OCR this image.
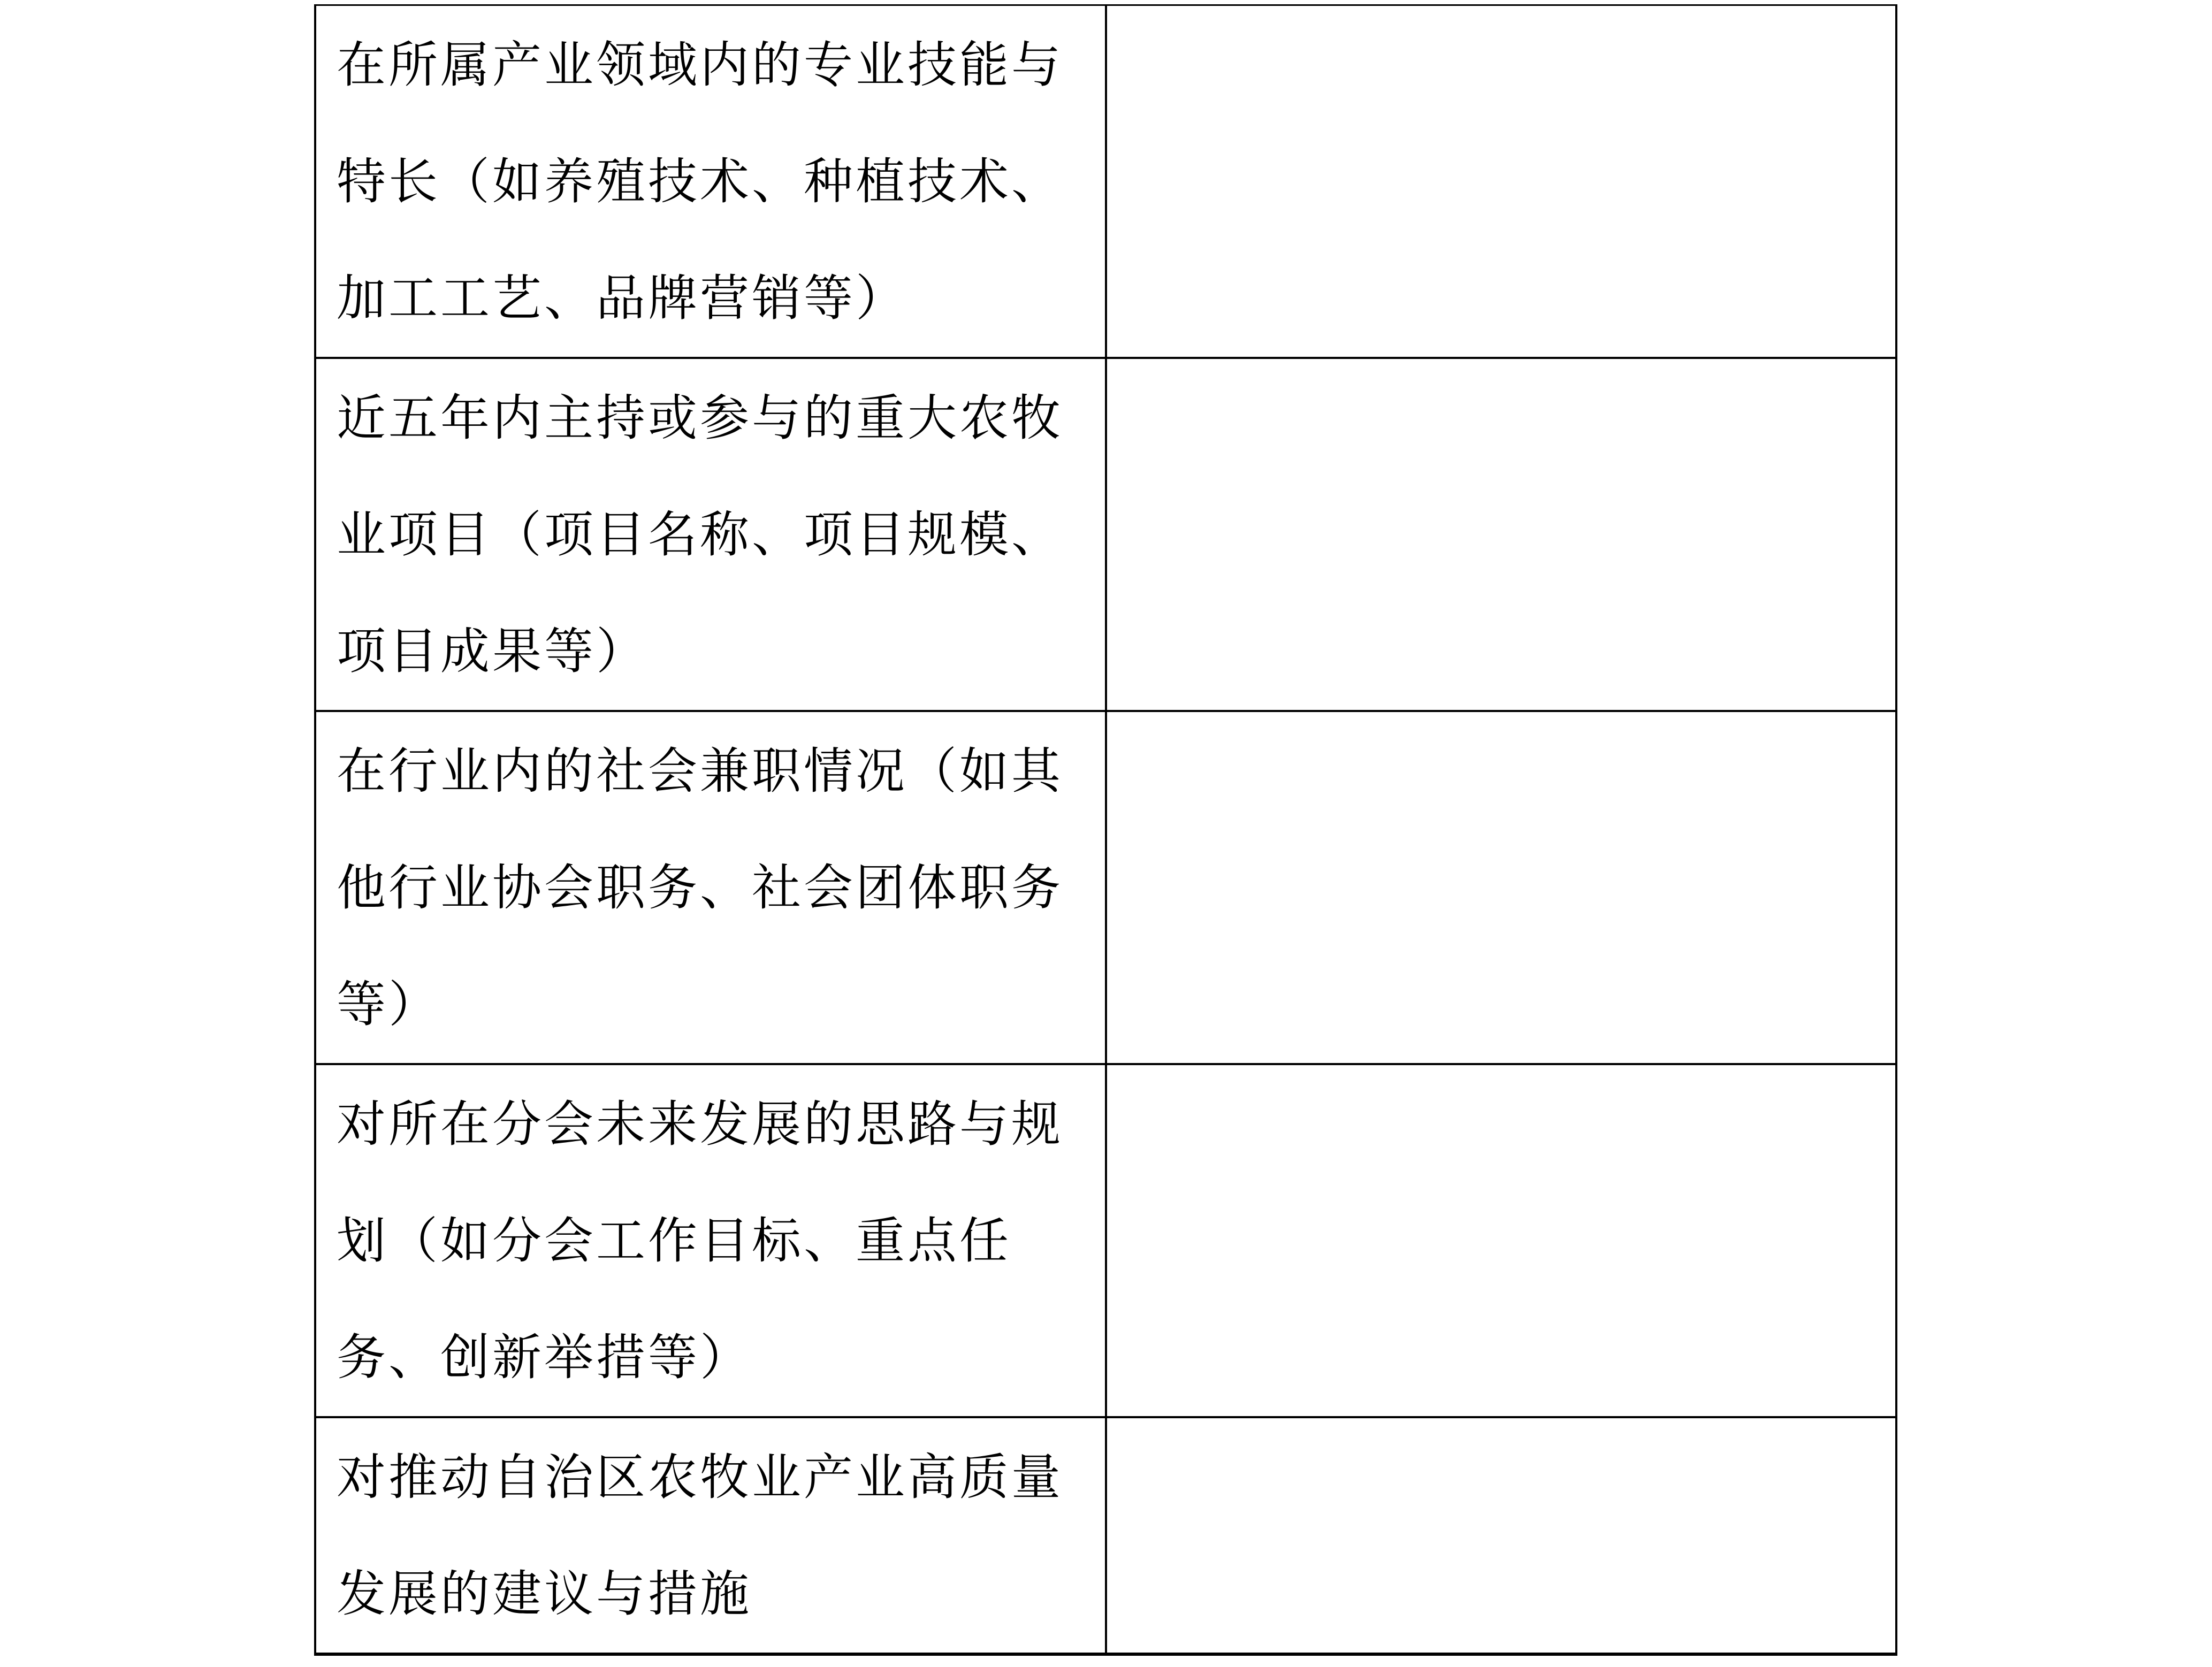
在所属产业领域内的专业技能与特长（如养殖技术、种植技术、加工工艺、品牌营销等）	
近五年内主持或参与的重大农牧业项目（项目名称、项目规模、项目成果等）	
在行业内的社会兼职情况（如其他行业协会职务、社会团体职务等）	
对所在分会未来发展的思路与规划（如分会工作目标、重点任务、创新举措等）	
对推动自治区农牧业产业高质量发展的建议与措施	
